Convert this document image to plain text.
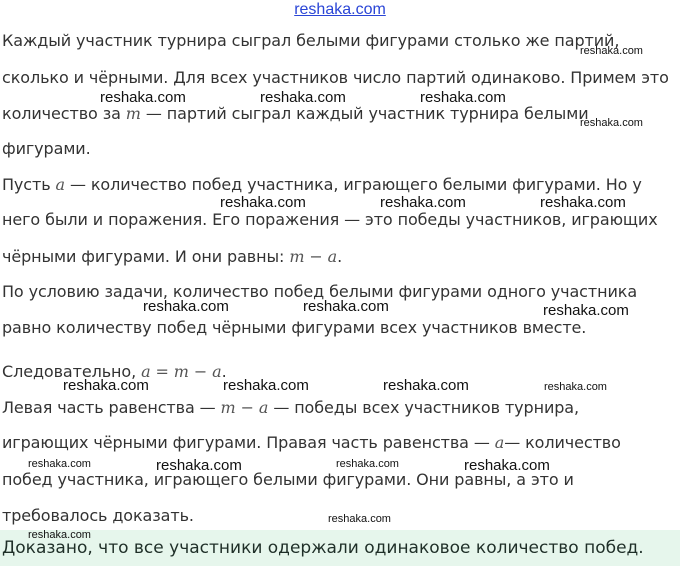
reshaka.com
Каждый участник турнира сыграл белыми фигурами столько же партий,
сколько и чёрными. Для всех участников число партий одинаково. Примем это
количество за m — партий сыграл каждый участник турнира белыми
фигурами.
Пусть a — количество побед участника, играющего белыми фигурами. Но у
него были и поражения. Его поражения — это победы участников, играющих
чёрными фигурами. И они равны: m − a.
По условию задачи, количество побед белыми фигурами одного участника
равно количеству побед чёрными фигурами всех участников вместе.
Следовательно, a = m − a.
Левая часть равенства — m − a — победы всех участников турнира,
играющих чёрными фигурами. Правая часть равенства — a— количество
побед участника, играющего белыми фигурами. Они равны, а это и
требовалось доказать.
Доказано, что все участники одержали одинаковое количество побед.
reshaka.com
reshaka.com	reshaka.com	reshaka.com
reshaka.com
reshaka.com	reshaka.com	reshaka.com
reshaka.com	reshaka.com	reshaka.com
reshaka.com	reshaka.com	reshaka.com	reshaka.com
reshaka.com	reshaka.com	reshaka.com	reshaka.com
reshaka.com
reshaka.com
